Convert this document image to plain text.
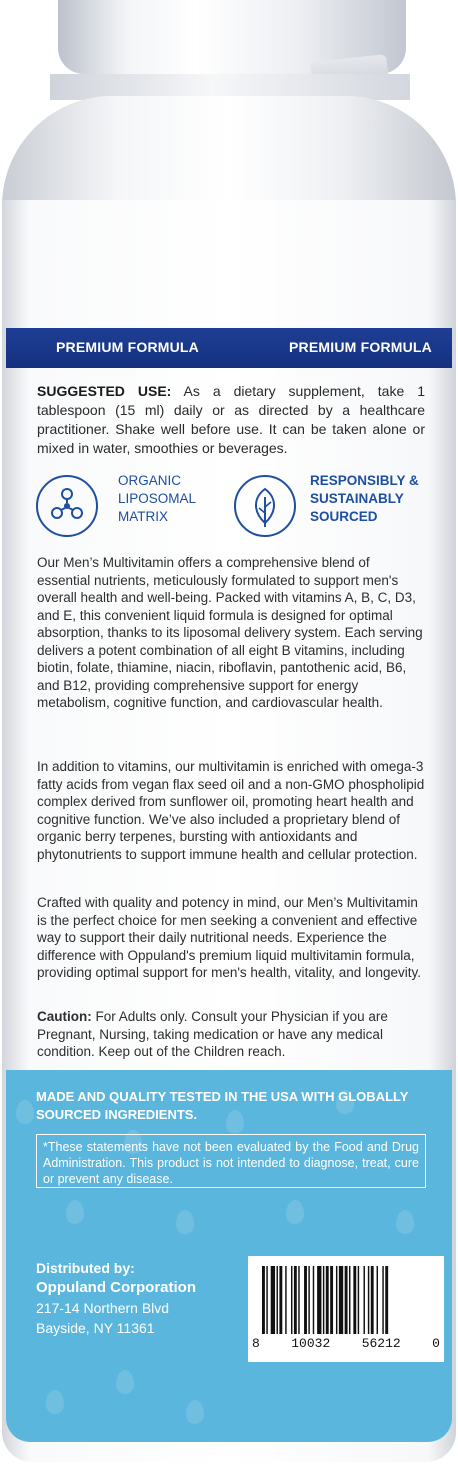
PREMIUM FORMULA	PREMIUM FORMULA
SUGGESTED USE: As a dietary supplement, take 1 tablespoon (15 ml) daily or as directed by a healthcare practitioner. Shake well before use. It can be taken alone or mixed in water, smoothies or beverages.
ORGANIC
LIPOSOMAL
MATRIX
RESPONSIBLY &
SUSTAINABLY
SOURCED
Our Men’s Multivitamin offers a comprehensive blend of essential nutrients, meticulously formulated to support men's overall health and well-being. Packed with vitamins A, B, C, D3, and E, this convenient liquid formula is designed for optimal absorption, thanks to its liposomal delivery system. Each serving delivers a potent combination of all eight B vitamins, including biotin, folate, thiamine, niacin, riboflavin, pantothenic acid, B6, and B12, providing comprehensive support for energy metabolism, cognitive function, and cardiovascular health.
In addition to vitamins, our multivitamin is enriched with omega-3 fatty acids from vegan flax seed oil and a non-GMO phospholipid complex derived from sunflower oil, promoting heart health and cognitive function. We’ve also included a proprietary blend of organic berry terpenes, bursting with antioxidants and phytonutrients to support immune health and cellular protection.
Crafted with quality and potency in mind, our Men’s Multivitamin is the perfect choice for men seeking a convenient and effective way to support their daily nutritional needs. Experience the difference with Oppuland's premium liquid multivitamin formula, providing optimal support for men's health, vitality, and longevity.
Caution: For Adults only. Consult your Physician if you are Pregnant, Nursing, taking medication or have any medical condition. Keep out of the Children reach.
MADE AND QUALITY TESTED IN THE USA WITH GLOBALLY SOURCED INGREDIENTS.
*These statements have not been evaluated by the Food and Drug Administration. This product is not intended to diagnose, treat, cure or prevent any disease.
Distributed by:
Oppuland Corporation
217-14 Northern Blvd
Bayside, NY 11361
8 10032 56212 0
